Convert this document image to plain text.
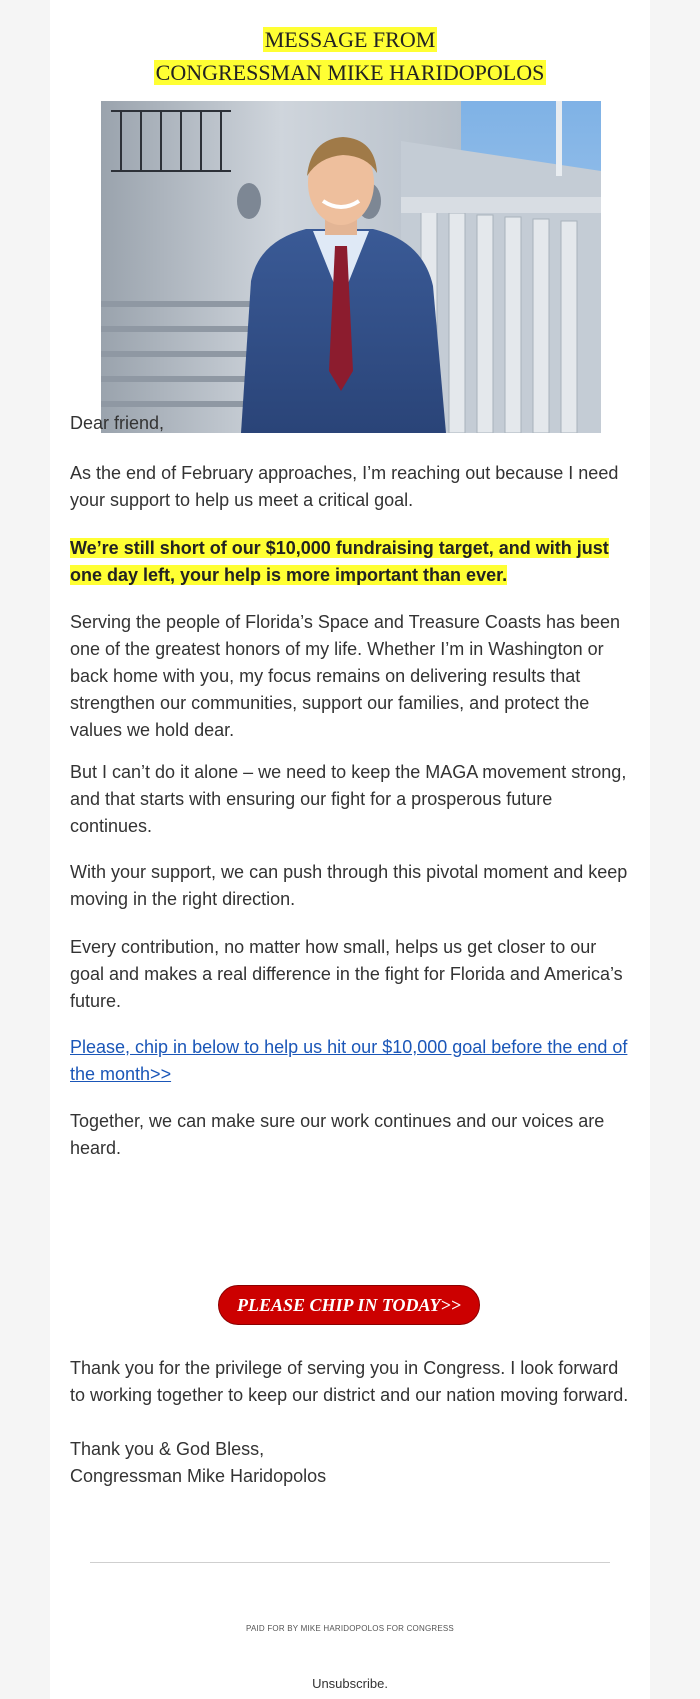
MESSAGE FROM
CONGRESSMAN MIKE HARIDOPOLOS

Dear friend,

As the end of February approaches, I’m reaching out because I need your support to help us meet a critical goal.

We’re still short of our $10,000 fundraising target, and with just one day left, your help is more important than ever.

Serving the people of Florida’s Space and Treasure Coasts has been one of the greatest honors of my life. Whether I’m in Washington or back home with you, my focus remains on delivering results that strengthen our communities, support our families, and protect the values we hold dear.

But I can’t do it alone – we need to keep the MAGA movement strong, and that starts with ensuring our fight for a prosperous future continues.

With your support, we can push through this pivotal moment and keep moving in the right direction.

Every contribution, no matter how small, helps us get closer to our goal and makes a real difference in the fight for Florida and America’s future.

Please, chip in below to help us hit our $10,000 goal before the end of the month>>

Together, we can make sure our work continues and our voices are heard.

PLEASE CHIP IN TODAY>>

Thank you for the privilege of serving you in Congress. I look forward to working together to keep our district and our nation moving forward.

Thank you & God Bless,

Congressman Mike Haridopolos

PAID FOR BY MIKE HARIDOPOLOS FOR CONGRESS
Unsubscribe.
